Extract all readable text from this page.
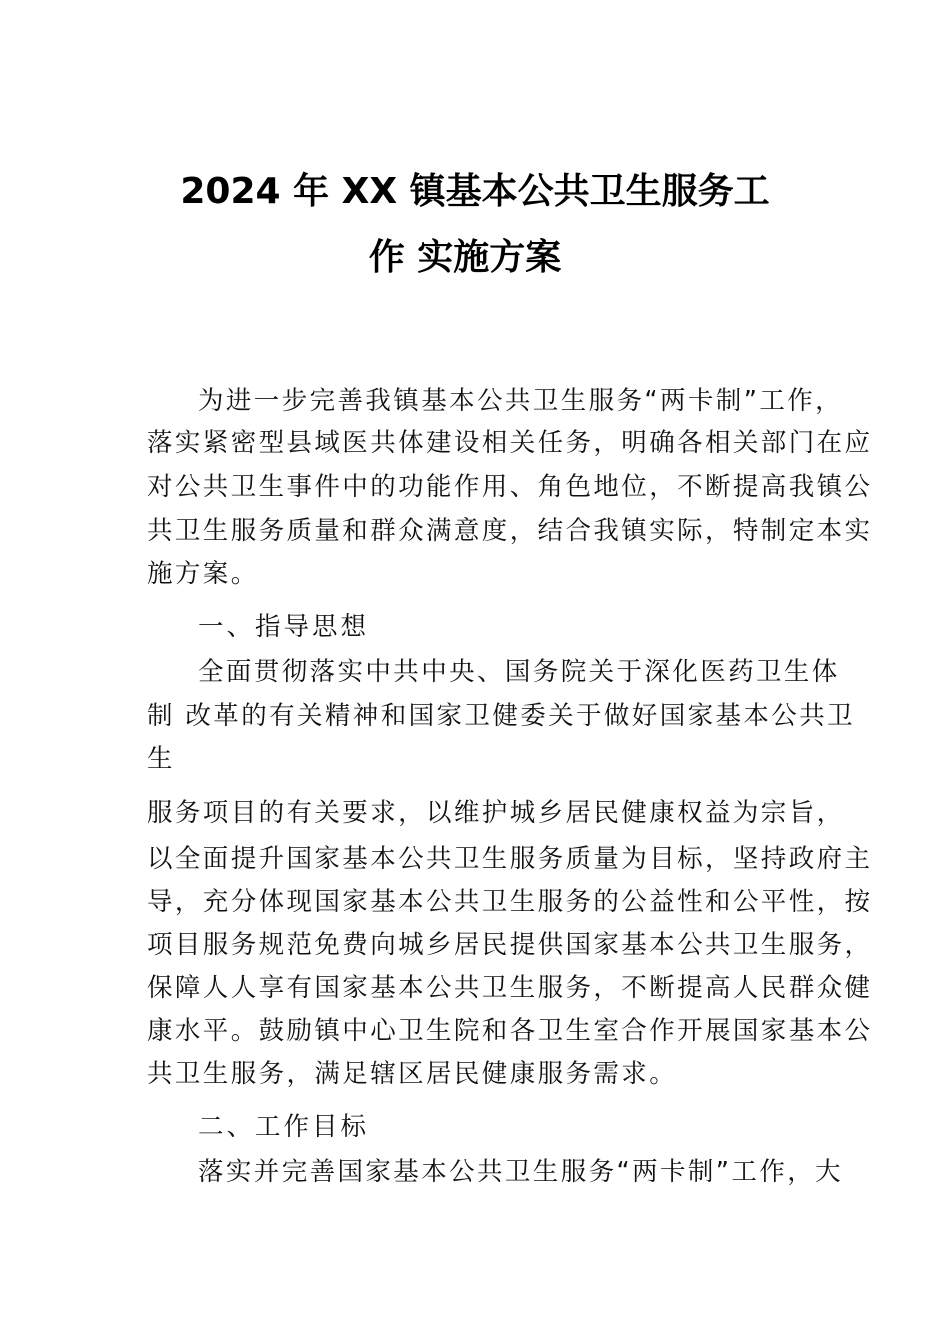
2024 年 XX 镇基本公共卫生服务工
作 实施方案
为进一步完善我镇基本公共卫生服务“两卡制”工作，
落实紧密型县域医共体建设相关任务，明确各相关部门在应
对公共卫生事件中的功能作用、角色地位，不断提高我镇公
共卫生服务质量和群众满意度，结合我镇实际，特制定本实
施方案。
一、指导思想
全面贯彻落实中共中央、国务院关于深化医药卫生体
制 改革的有关精神和国家卫健委关于做好国家基本公共卫
生
服务项目的有关要求，以维护城乡居民健康权益为宗旨，
以全面提升国家基本公共卫生服务质量为目标，坚持政府主
导，充分体现国家基本公共卫生服务的公益性和公平性，按
项目服务规范免费向城乡居民提供国家基本公共卫生服务，
保障人人享有国家基本公共卫生服务，不断提高人民群众健
康水平。鼓励镇中心卫生院和各卫生室合作开展国家基本公
共卫生服务，满足辖区居民健康服务需求。
二、工作目标
落实并完善国家基本公共卫生服务“两卡制”工作，大
